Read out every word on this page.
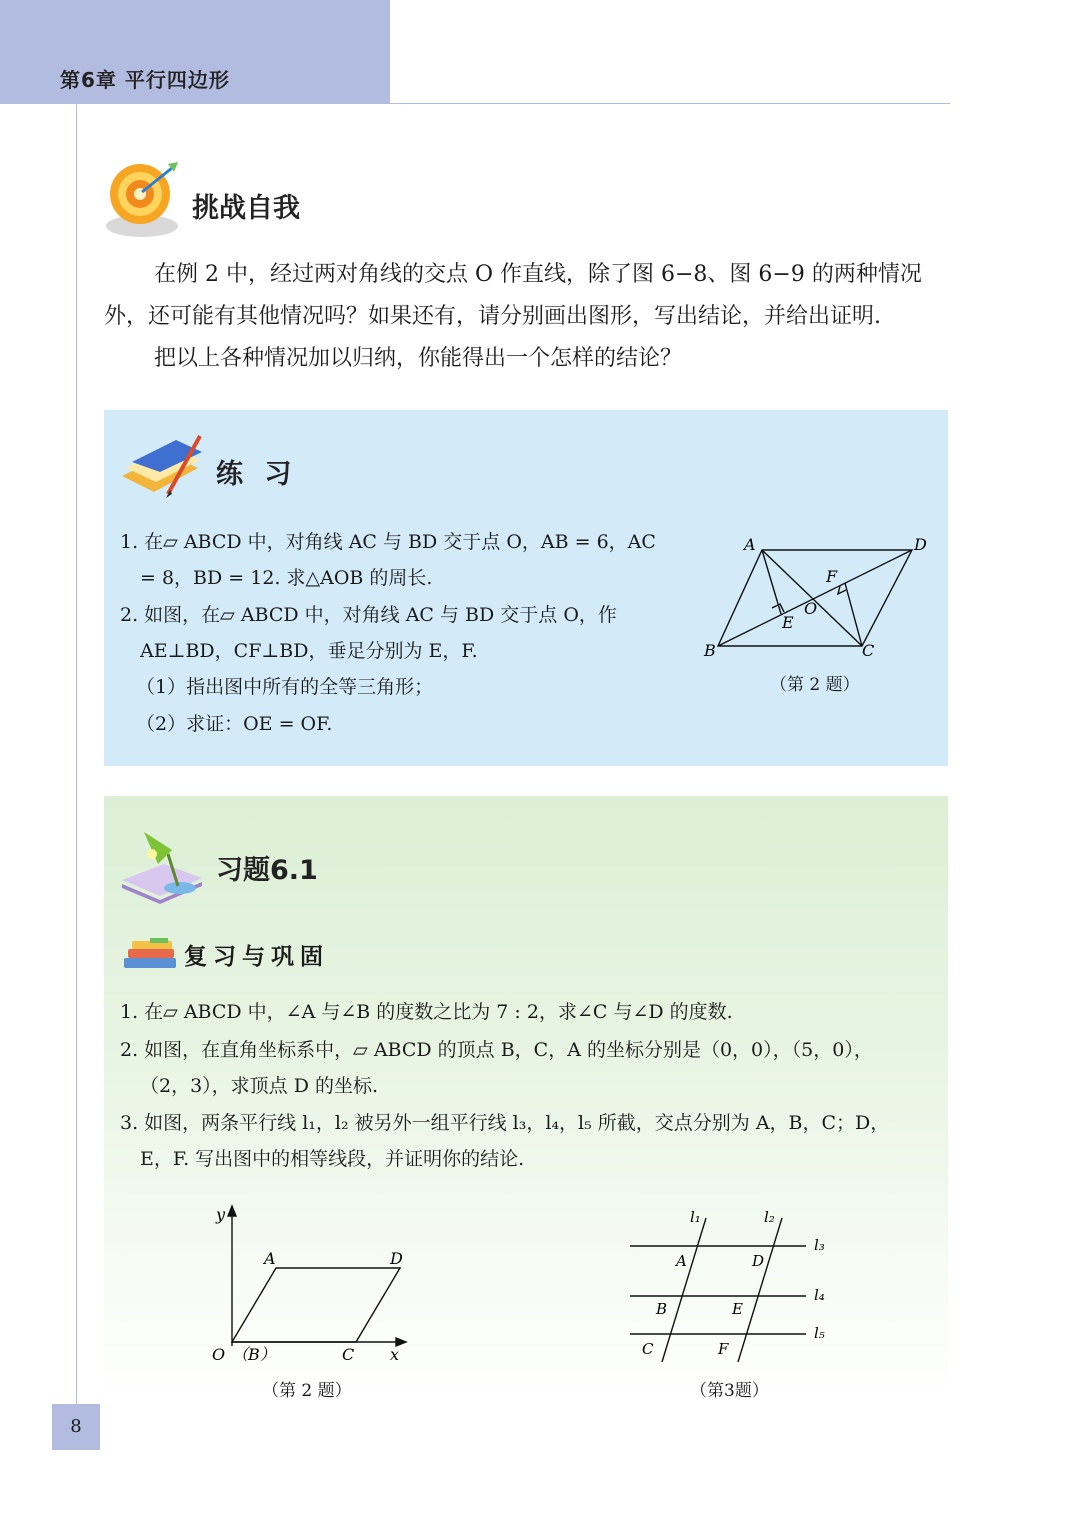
第6章 平行四边形
挑战自我
在例 2 中，经过两对角线的交点 O 作直线，除了图 6−8、图 6−9 的两种情况外，还可能有其他情况吗？如果还有，请分别画出图形，写出结论，并给出证明.
把以上各种情况加以归纳，你能得出一个怎样的结论？
练 习
1. 在▱ ABCD 中，对角线 AC 与 BD 交于点 O，AB = 6，AC
= 8，BD = 12. 求△AOB 的周长.
2. 如图，在▱ ABCD 中，对角线 AC 与 BD 交于点 O，作
AE⊥BD，CF⊥BD，垂足分别为 E，F.
（1）指出图中所有的全等三角形；
（2）求证：OE = OF.
A	D
B	C
E
F
O
（第 2 题）
习题6.1
复习与巩固
1. 在▱ ABCD 中，∠A 与∠B 的度数之比为 7 : 2，求∠C 与∠D 的度数.
2. 如图，在直角坐标系中，▱ ABCD 的顶点 B，C，A 的坐标分别是（0，0），（5，0），
（2，3），求顶点 D 的坐标.
3. 如图，两条平行线 l₁，l₂ 被另外一组平行线 l₃，l₄，l₅ 所截，交点分别为 A，B，C；D，
E，F. 写出图中的相等线段，并证明你的结论.
y
x
O （B）	C
A	D
（第 2 题）
l₁	l₂
l₃
l₄
l₅
A	D
B	E
C	F
（第3题）
8
